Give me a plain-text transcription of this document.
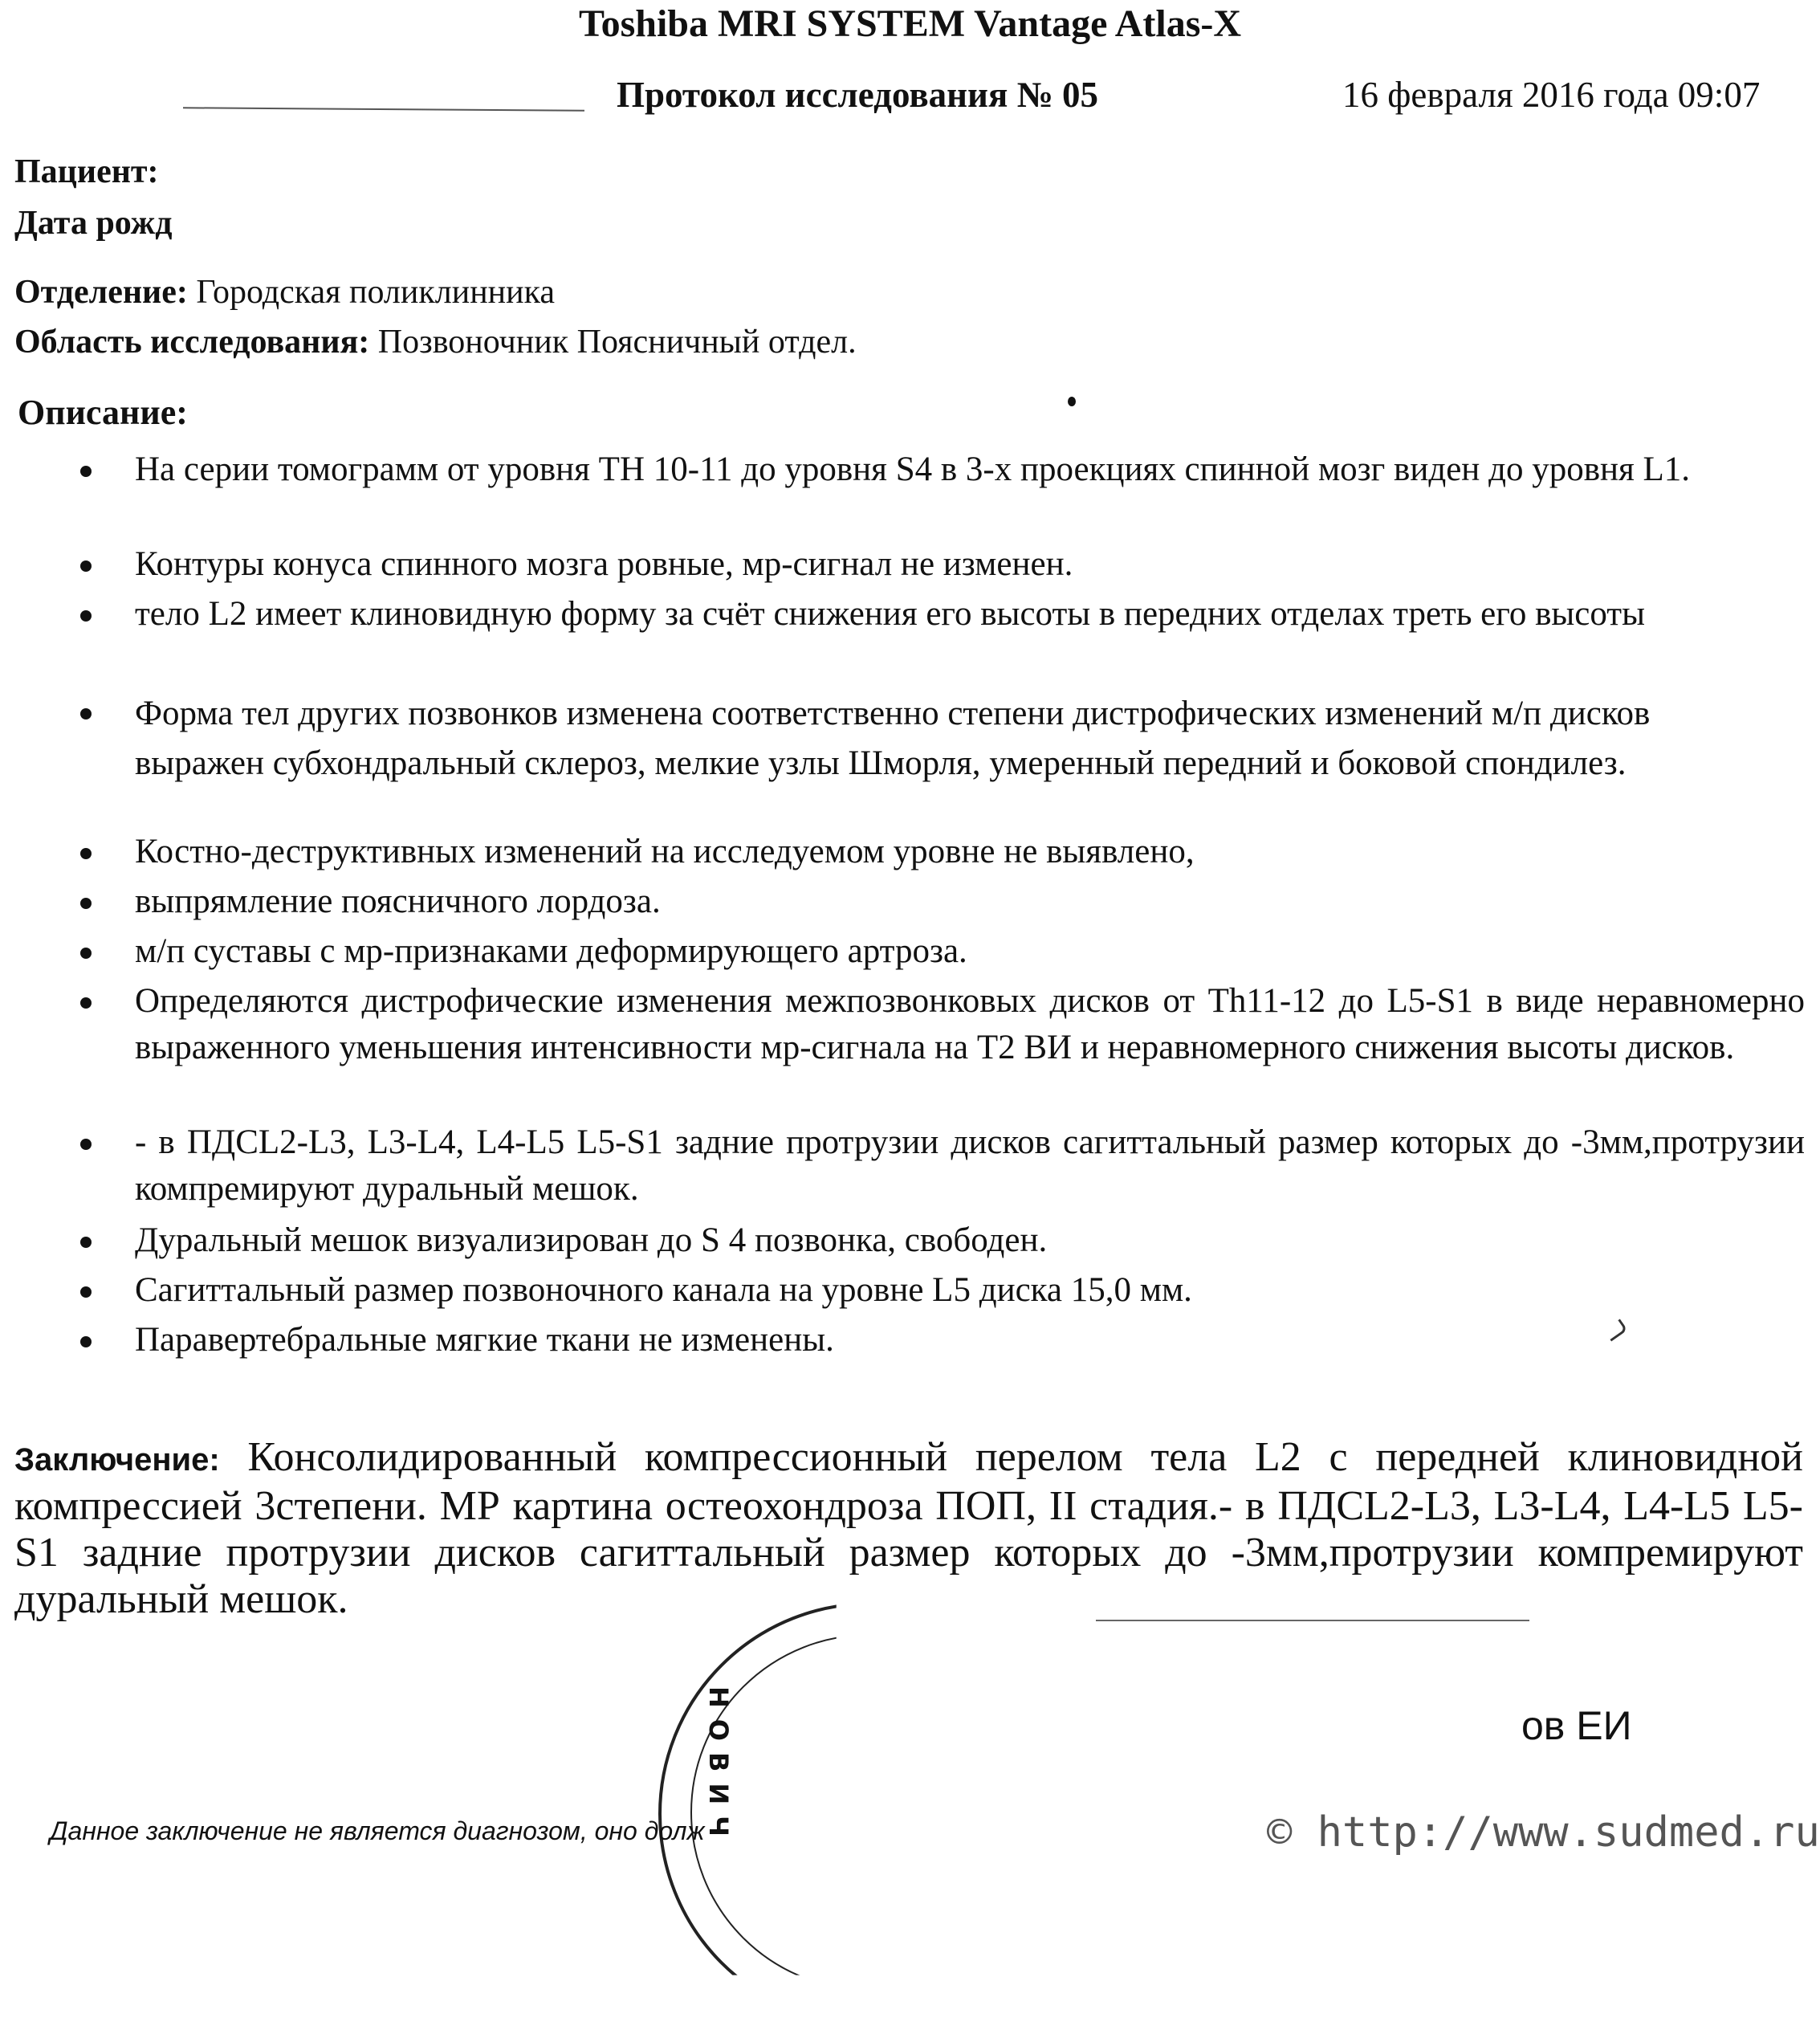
Toshiba MRI SYSTEM Vantage Atlas-X
Протокол исследования № 05	16 февраля 2016 года 09:07
Пациент:
Дата рожд
Отделение: Городская поликлинника
Область исследования: Позвоночник Поясничный отдел.
Описание:
На серии томограмм от уровня ТН 10-11 до уровня S4 в 3-х проекциях спинной мозг виден до уровня L1.
Контуры конуса спинного мозга ровные, мр-сигнал не изменен.
тело L2 имеет клиновидную форму за счёт снижения его высоты в передних отделах треть его высоты
Форма тел других позвонков изменена соответственно степени дистрофических изменений м/п дисков выражен субхондральный склероз, мелкие узлы Шморля, умеренный передний и боковой спондилез.
Костно-деструктивных изменений на исследуемом уровне не выявлено,
выпрямление поясничного лордоза.
м/п суставы с мр-признаками деформирующего артроза.
Определяются дистрофические изменения межпозвонковых дисков от Th11-12 до L5-S1 в виде неравномерно выраженного уменьшения интенсивности мр-сигнала на Т2 ВИ и неравномерного снижения высоты дисков.
- в ПДСL2-L3, L3-L4, L4-L5 L5-S1 задние протрузии дисков сагиттальный размер которых до -3мм,протрузии компремируют дуральный мешок.
Дуральный мешок визуализирован до S 4 позвонка, свободен.
Сагиттальный размер позвоночного канала на уровне L5 диска 15,0 мм.
Паравертебральные мягкие ткани не изменены.
Заключение: Консолидированный компрессионный перелом тела L2 с передней клиновидной компрессией 3степени. МР картина остеохондроза ПОП, II стадия.- в ПДСL2-L3, L3-L4, L4-L5 L5-S1 задние протрузии дисков сагиттальный размер которых до -3мм,протрузии компремируют дуральный мешок.
НОВИЧ	ов ЕИ
Данное заключение не является диагнозом, оно долж	© http://www.sudmed.ru
